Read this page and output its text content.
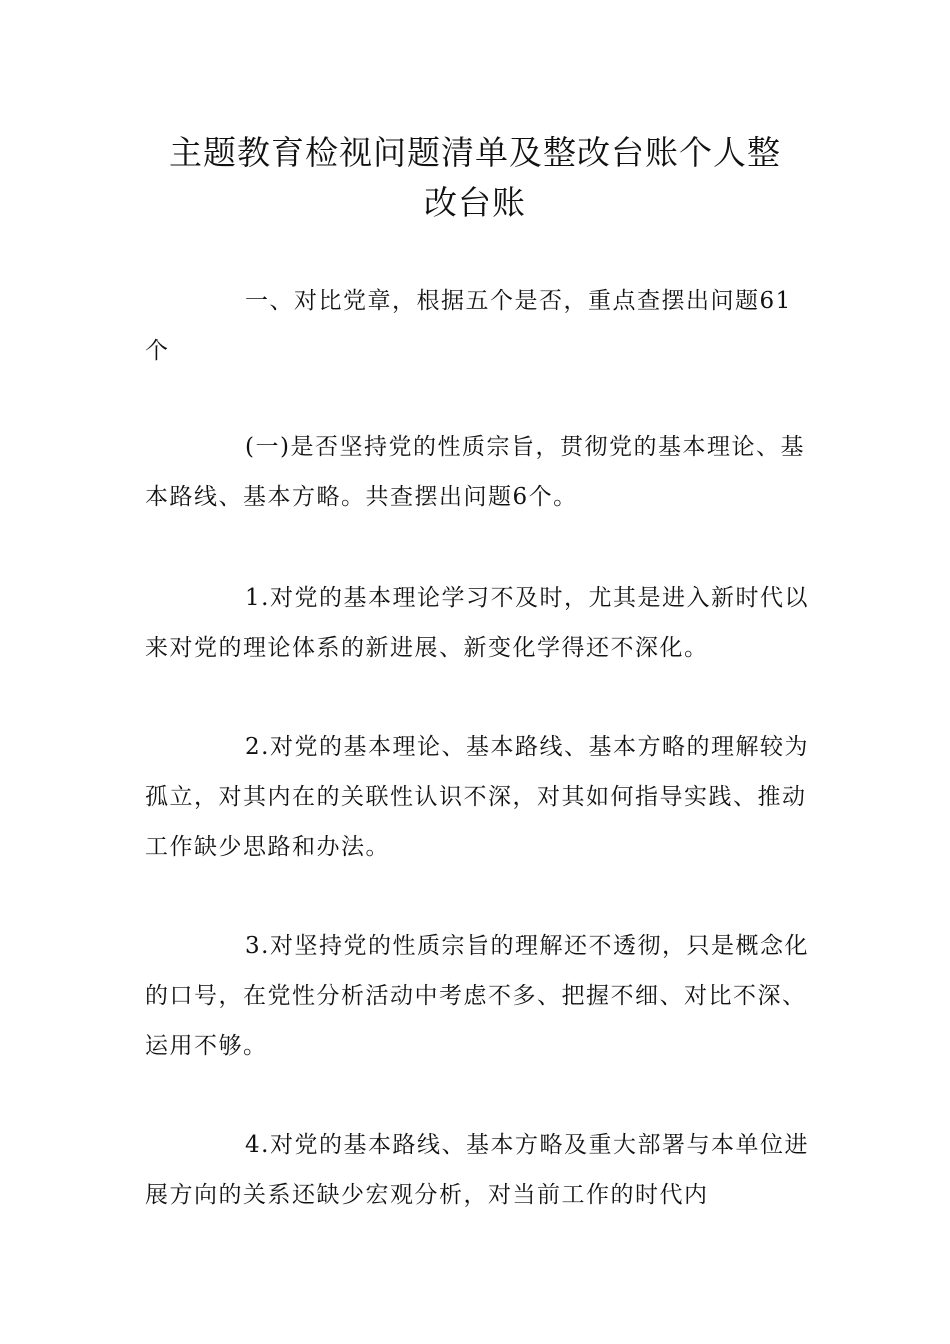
主题教育检视问题清单及整改台账个人整
改台账

一、对比党章，根据五个是否，重点查摆出问题61个

(一)是否坚持党的性质宗旨，贯彻党的基本理论、基本路线、基本方略。共查摆出问题6个。

1.对党的基本理论学习不及时，尤其是进入新时代以来对党的理论体系的新进展、新变化学得还不深化。

2.对党的基本理论、基本路线、基本方略的理解较为孤立，对其内在的关联性认识不深，对其如何指导实践、推动工作缺少思路和办法。

3.对坚持党的性质宗旨的理解还不透彻，只是概念化的口号，在党性分析活动中考虑不多、把握不细、对比不深、运用不够。

4.对党的基本路线、基本方略及重大部署与本单位进展方向的关系还缺少宏观分析，对当前工作的时代内
